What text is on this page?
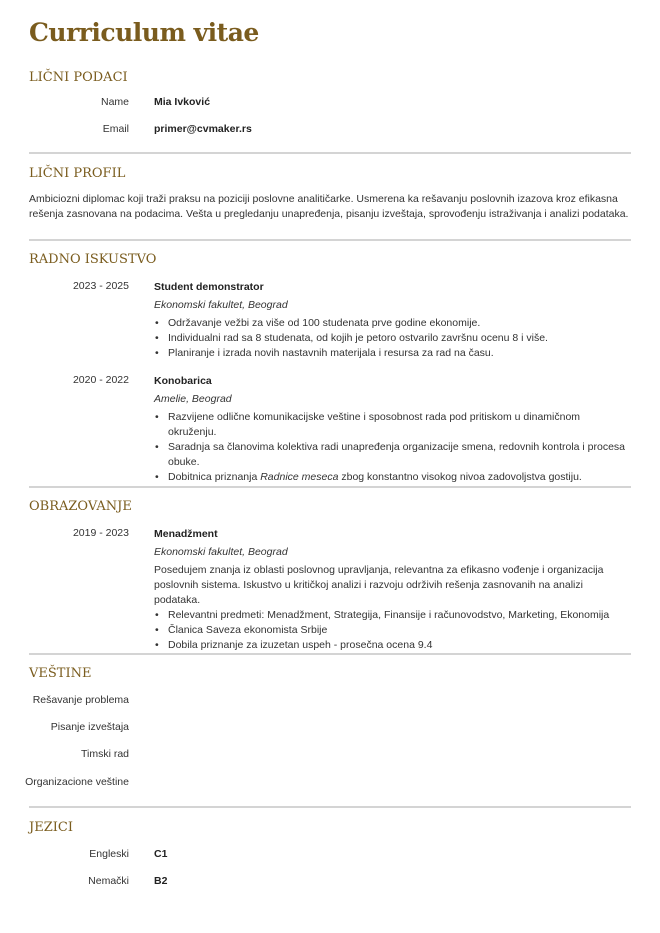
Curriculum vitae
LIČNI PODACI
Name Mia Ivković
Email primer@cvmaker.rs
LIČNI PROFIL
Ambiciozni diplomac koji traži praksu na poziciji poslovne analitičarke. Usmerena ka rešavanju poslovnih izazova kroz efikasna rešenja zasnovana na podacima. Vešta u pregledanju unapređenja, pisanju izveštaja, sprovođenju istraživanja i analizi podataka.
RADNO ISKUSTVO
2023 - 2025 Student demonstrator
Ekonomski fakultet, Beograd
• Održavanje vežbi za više od 100 studenata prve godine ekonomije.
• Individualni rad sa 8 studenata, od kojih je petoro ostvarilo završnu ocenu 8 i više.
• Planiranje i izrada novih nastavnih materijala i resursa za rad na času.
2020 - 2022 Konobarica
Amelie, Beograd
• Razvijene odlične komunikacijske veštine i sposobnost rada pod pritiskom u dinamičnom okruženju.
• Saradnja sa članovima kolektiva radi unapređenja organizacije smena, redovnih kontrola i procesa obuke.
• Dobitnica priznanja Radnice meseca zbog konstantno visokog nivoa zadovoljstva gostiju.
OBRAZOVANJE
2019 - 2023 Menadžment
Ekonomski fakultet, Beograd
Posedujem znanja iz oblasti poslovnog upravljanja, relevantna za efikasno vođenje i organizacija poslovnih sistema. Iskustvo u kritičkoj analizi i razvoju održivih rešenja zasnovanih na analizi podataka.
• Relevantni predmeti: Menadžment, Strategija, Finansije i računovodstvo, Marketing, Ekonomija
• Članica Saveza ekonomista Srbije
• Dobila priznanje za izuzetan uspeh - prosečna ocena 9.4
VEŠTINE
Rešavanje problema
Pisanje izveštaja
Timski rad
Organizacione veštine
JEZICI
Engleski C1
Nemački B2
